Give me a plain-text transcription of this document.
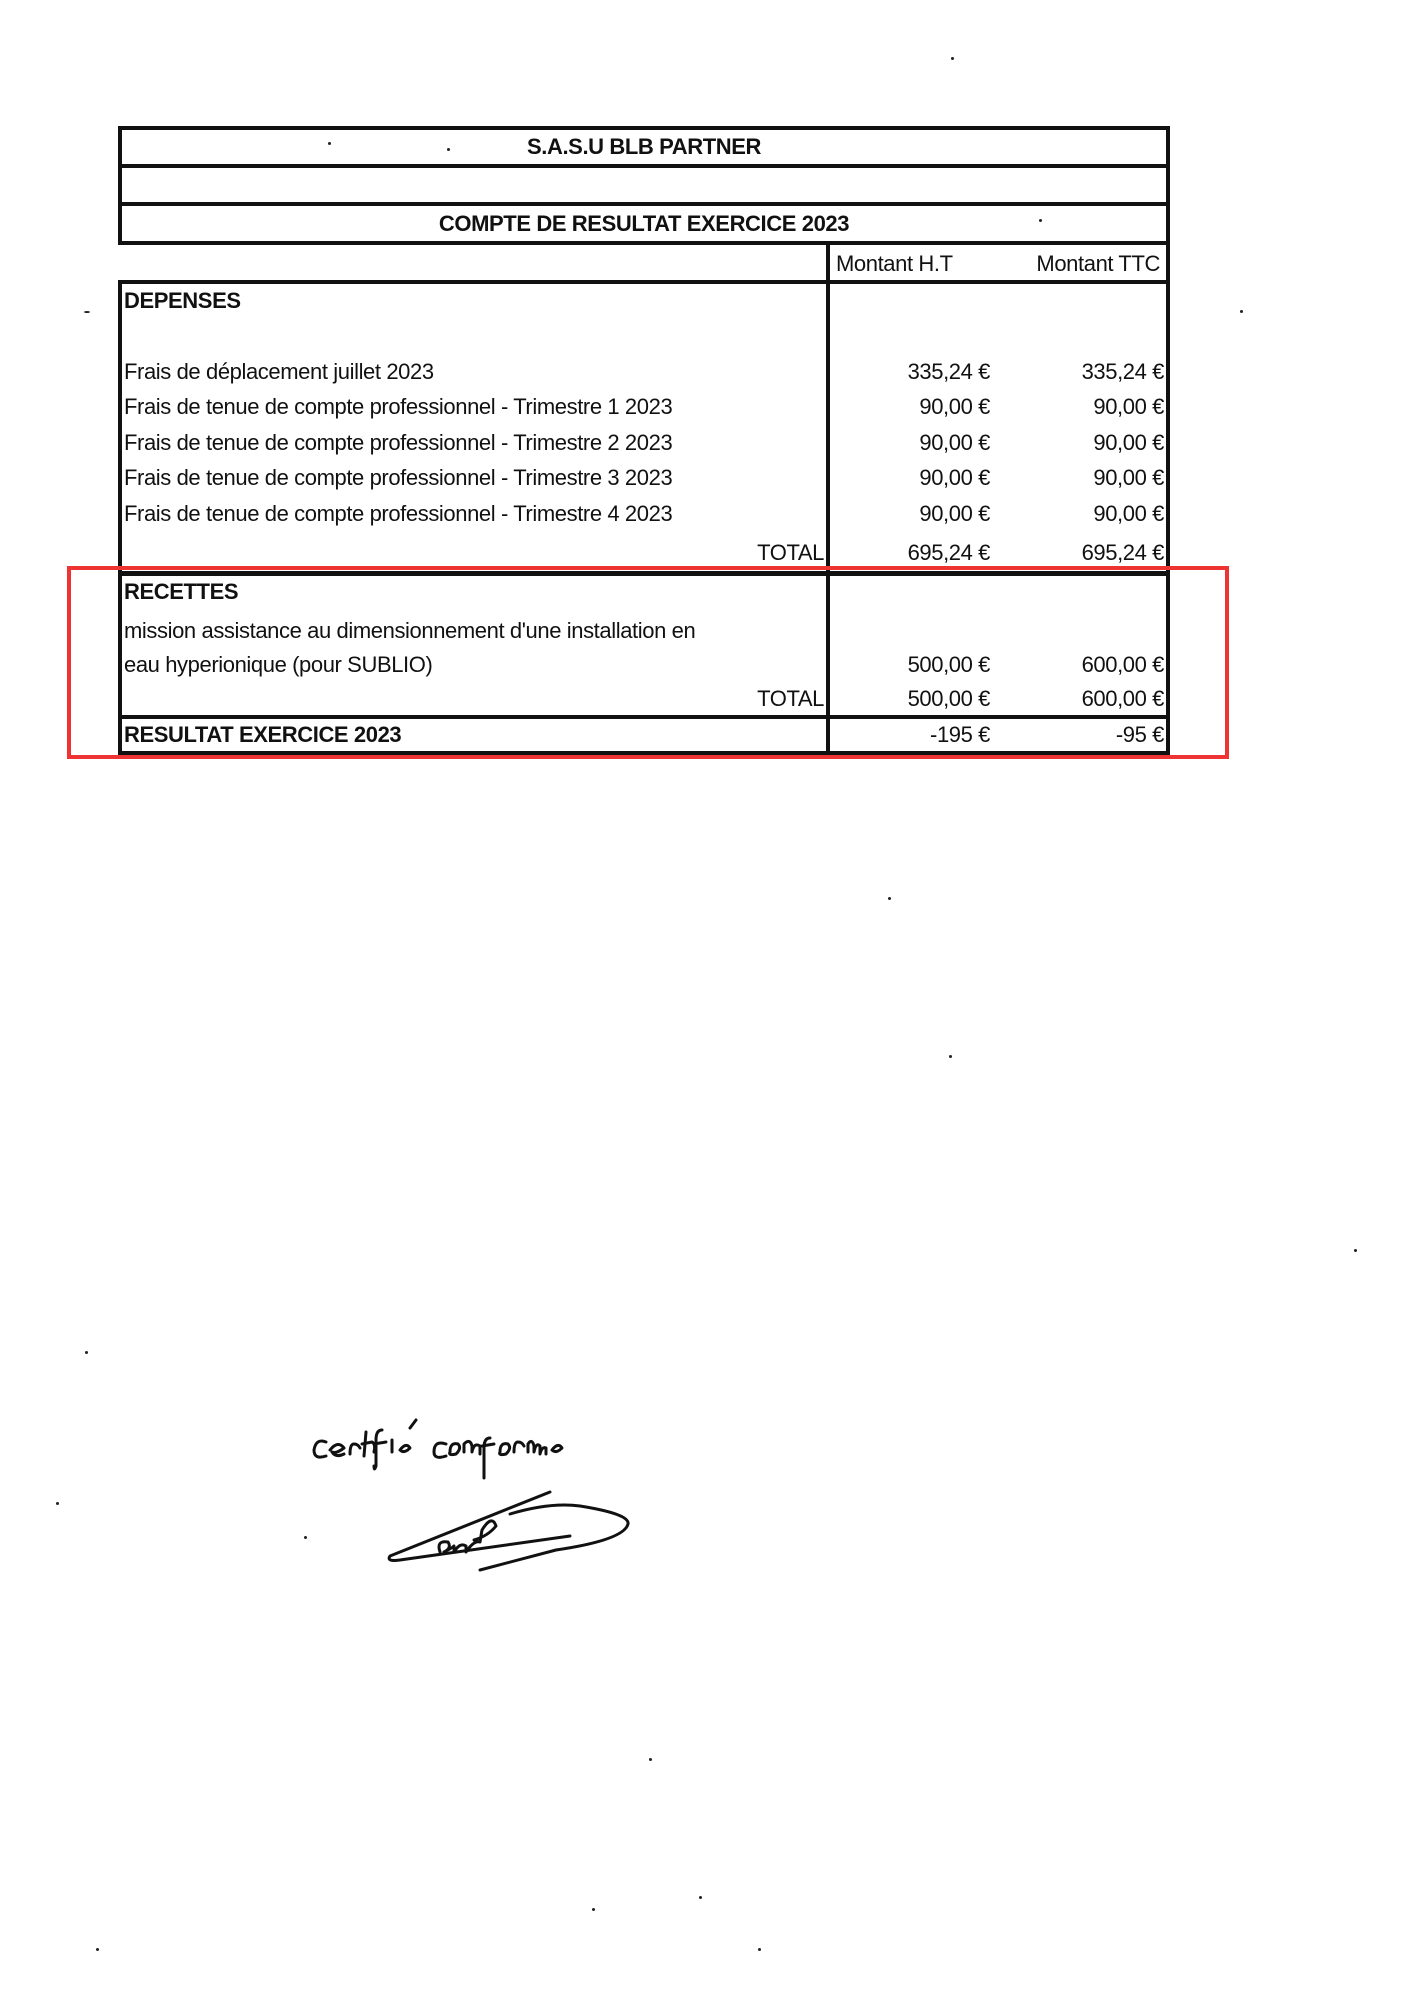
S.A.S.U BLB PARTNER
COMPTE DE RESULTAT EXERCICE 2023
Montant H.T	Montant TTC
DEPENSES
Frais de déplacement juillet 2023	335,24 €	335,24 €
Frais de tenue de compte professionnel - Trimestre 1 2023	90,00 €	90,00 €
Frais de tenue de compte professionnel - Trimestre 2 2023	90,00 €	90,00 €
Frais de tenue de compte professionnel - Trimestre 3 2023	90,00 €	90,00 €
Frais de tenue de compte professionnel - Trimestre 4 2023	90,00 €	90,00 €
TOTAL	695,24 €	695,24 €
RECETTES
mission assistance au dimensionnement d'une installation en
eau hyperionique (pour SUBLIO)	500,00 €	600,00 €
TOTAL	500,00 €	600,00 €
RESULTAT EXERCICE 2023	-195 €	-95 €
